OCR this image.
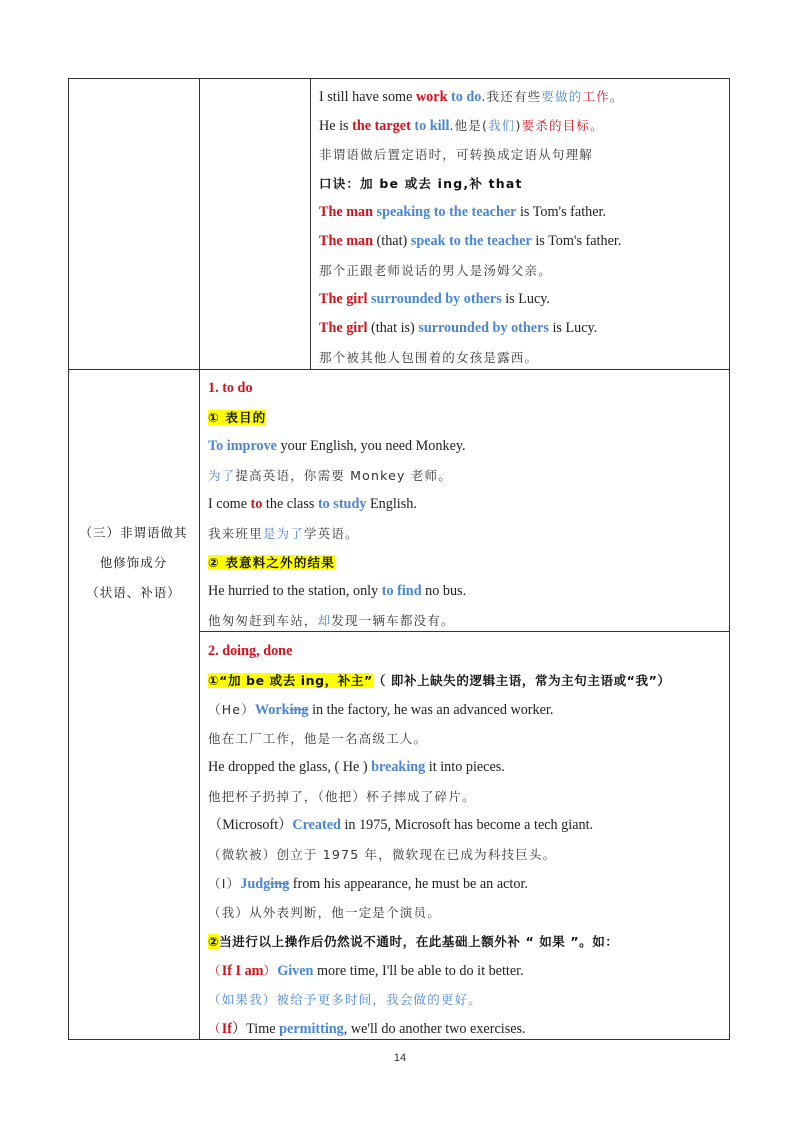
I still have some work to do.我还有些要做的工作。
He is the target to kill.他是(我们)要杀的目标。
非谓语做后置定语时，可转换成定语从句理解
口诀：加 be 或去 ing,补 that
The man speaking to the teacher is Tom's father.
The man (that) speak to the teacher is Tom's father.
那个正跟老师说话的男人是汤姆父亲。
The girl surrounded by others is Lucy.
The girl (that is) surrounded by others is Lucy.
那个被其他人包围着的女孩是露西。
（三）非谓语做其
他修饰成分
（状语、补语）
1. to do
① 表目的
To improve your English, you need Monkey.
为了提高英语，你需要 Monkey 老师。
I come to the class to study English.
我来班里是为了学英语。
② 表意料之外的结果
He hurried to the station, only to find no bus.
他匆匆赶到车站，却发现一辆车都没有。
2. doing, done
①“加 be 或去 ing，补主”（ 即补上缺失的逻辑主语，常为主句主语或“我”）
（He）Working in the factory, he was an advanced worker.
他在工厂工作，他是一名高级工人。
He dropped the glass, ( He ) breaking it into pieces.
他把杯子扔掉了，（他把）杯子摔成了碎片。
（Microsoft）Created in 1975, Microsoft has become a tech giant.
（微软被）创立于 1975 年，微软现在已成为科技巨头。
（I）Judging from his appearance, he must be an actor.
（我）从外表判断，他一定是个演员。
②当进行以上操作后仍然说不通时，在此基础上额外补 “ 如果 ”。如：
（If I am）Given more time, I'll be able to do it better.
（如果我）被给予更多时间，我会做的更好。
（If）Time permitting, we'll do another two exercises.
14
